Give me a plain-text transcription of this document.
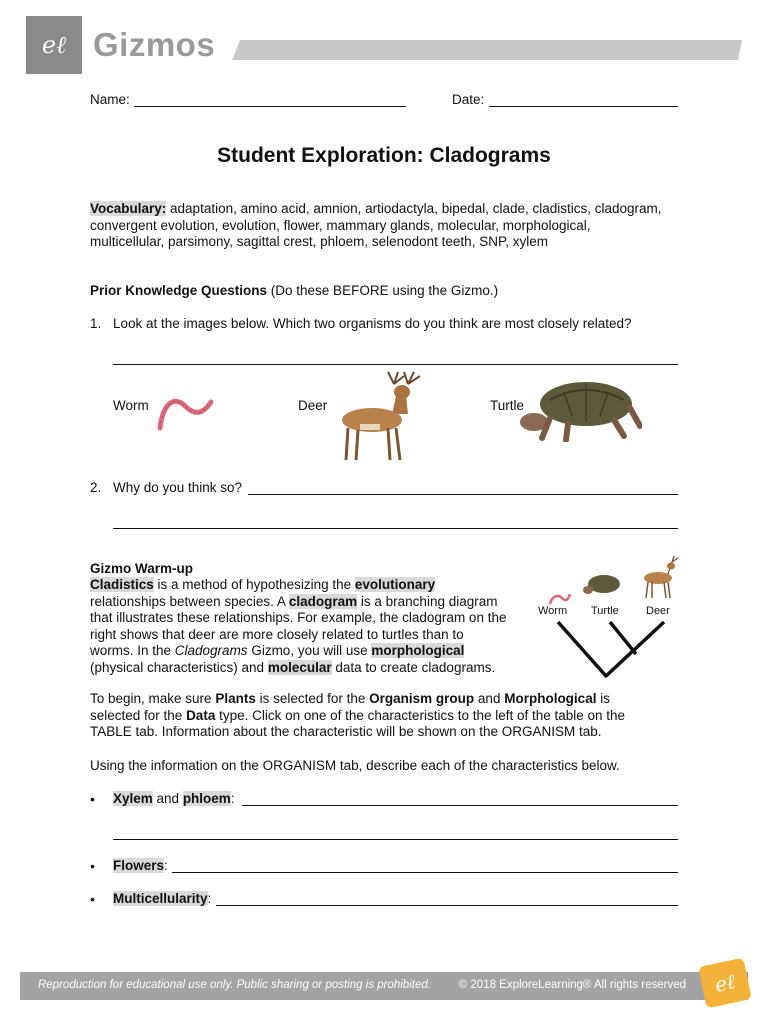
eℓ Gizmos
Name:	Date:
Student Exploration: Cladograms
Vocabulary: adaptation, amino acid, amnion, artiodactyla, bipedal, clade, cladistics, cladogram,
convergent evolution, evolution, flower, mammary glands, molecular, morphological,
multicellular, parsimony, sagittal crest, phloem, selenodont teeth, SNP, xylem
Prior Knowledge Questions (Do these BEFORE using the Gizmo.)
1. Look at the images below. Which two organisms do you think are most closely related?
Worm	Deer	Turtle
2. Why do you think so?
Gizmo Warm-up
Cladistics is a method of hypothesizing the evolutionary
relationships between species. A cladogram is a branching diagram
that illustrates these relationships. For example, the cladogram on the
right shows that deer are more closely related to turtles than to
worms. In the Cladograms Gizmo, you will use morphological
(physical characteristics) and molecular data to create cladograms.
Worm Turtle Deer
To begin, make sure Plants is selected for the Organism group and Morphological is
selected for the Data type. Click on one of the characteristics to the left of the table on the
TABLE tab. Information about the characteristic will be shown on the ORGANISM tab.
Using the information on the ORGANISM tab, describe each of the characteristics below.
• Xylem and phloem:
• Flowers:
• Multicellularity:
Reproduction for educational use only. Public sharing or posting is prohibited. © 2018 ExploreLearning® All rights reserved eℓ
